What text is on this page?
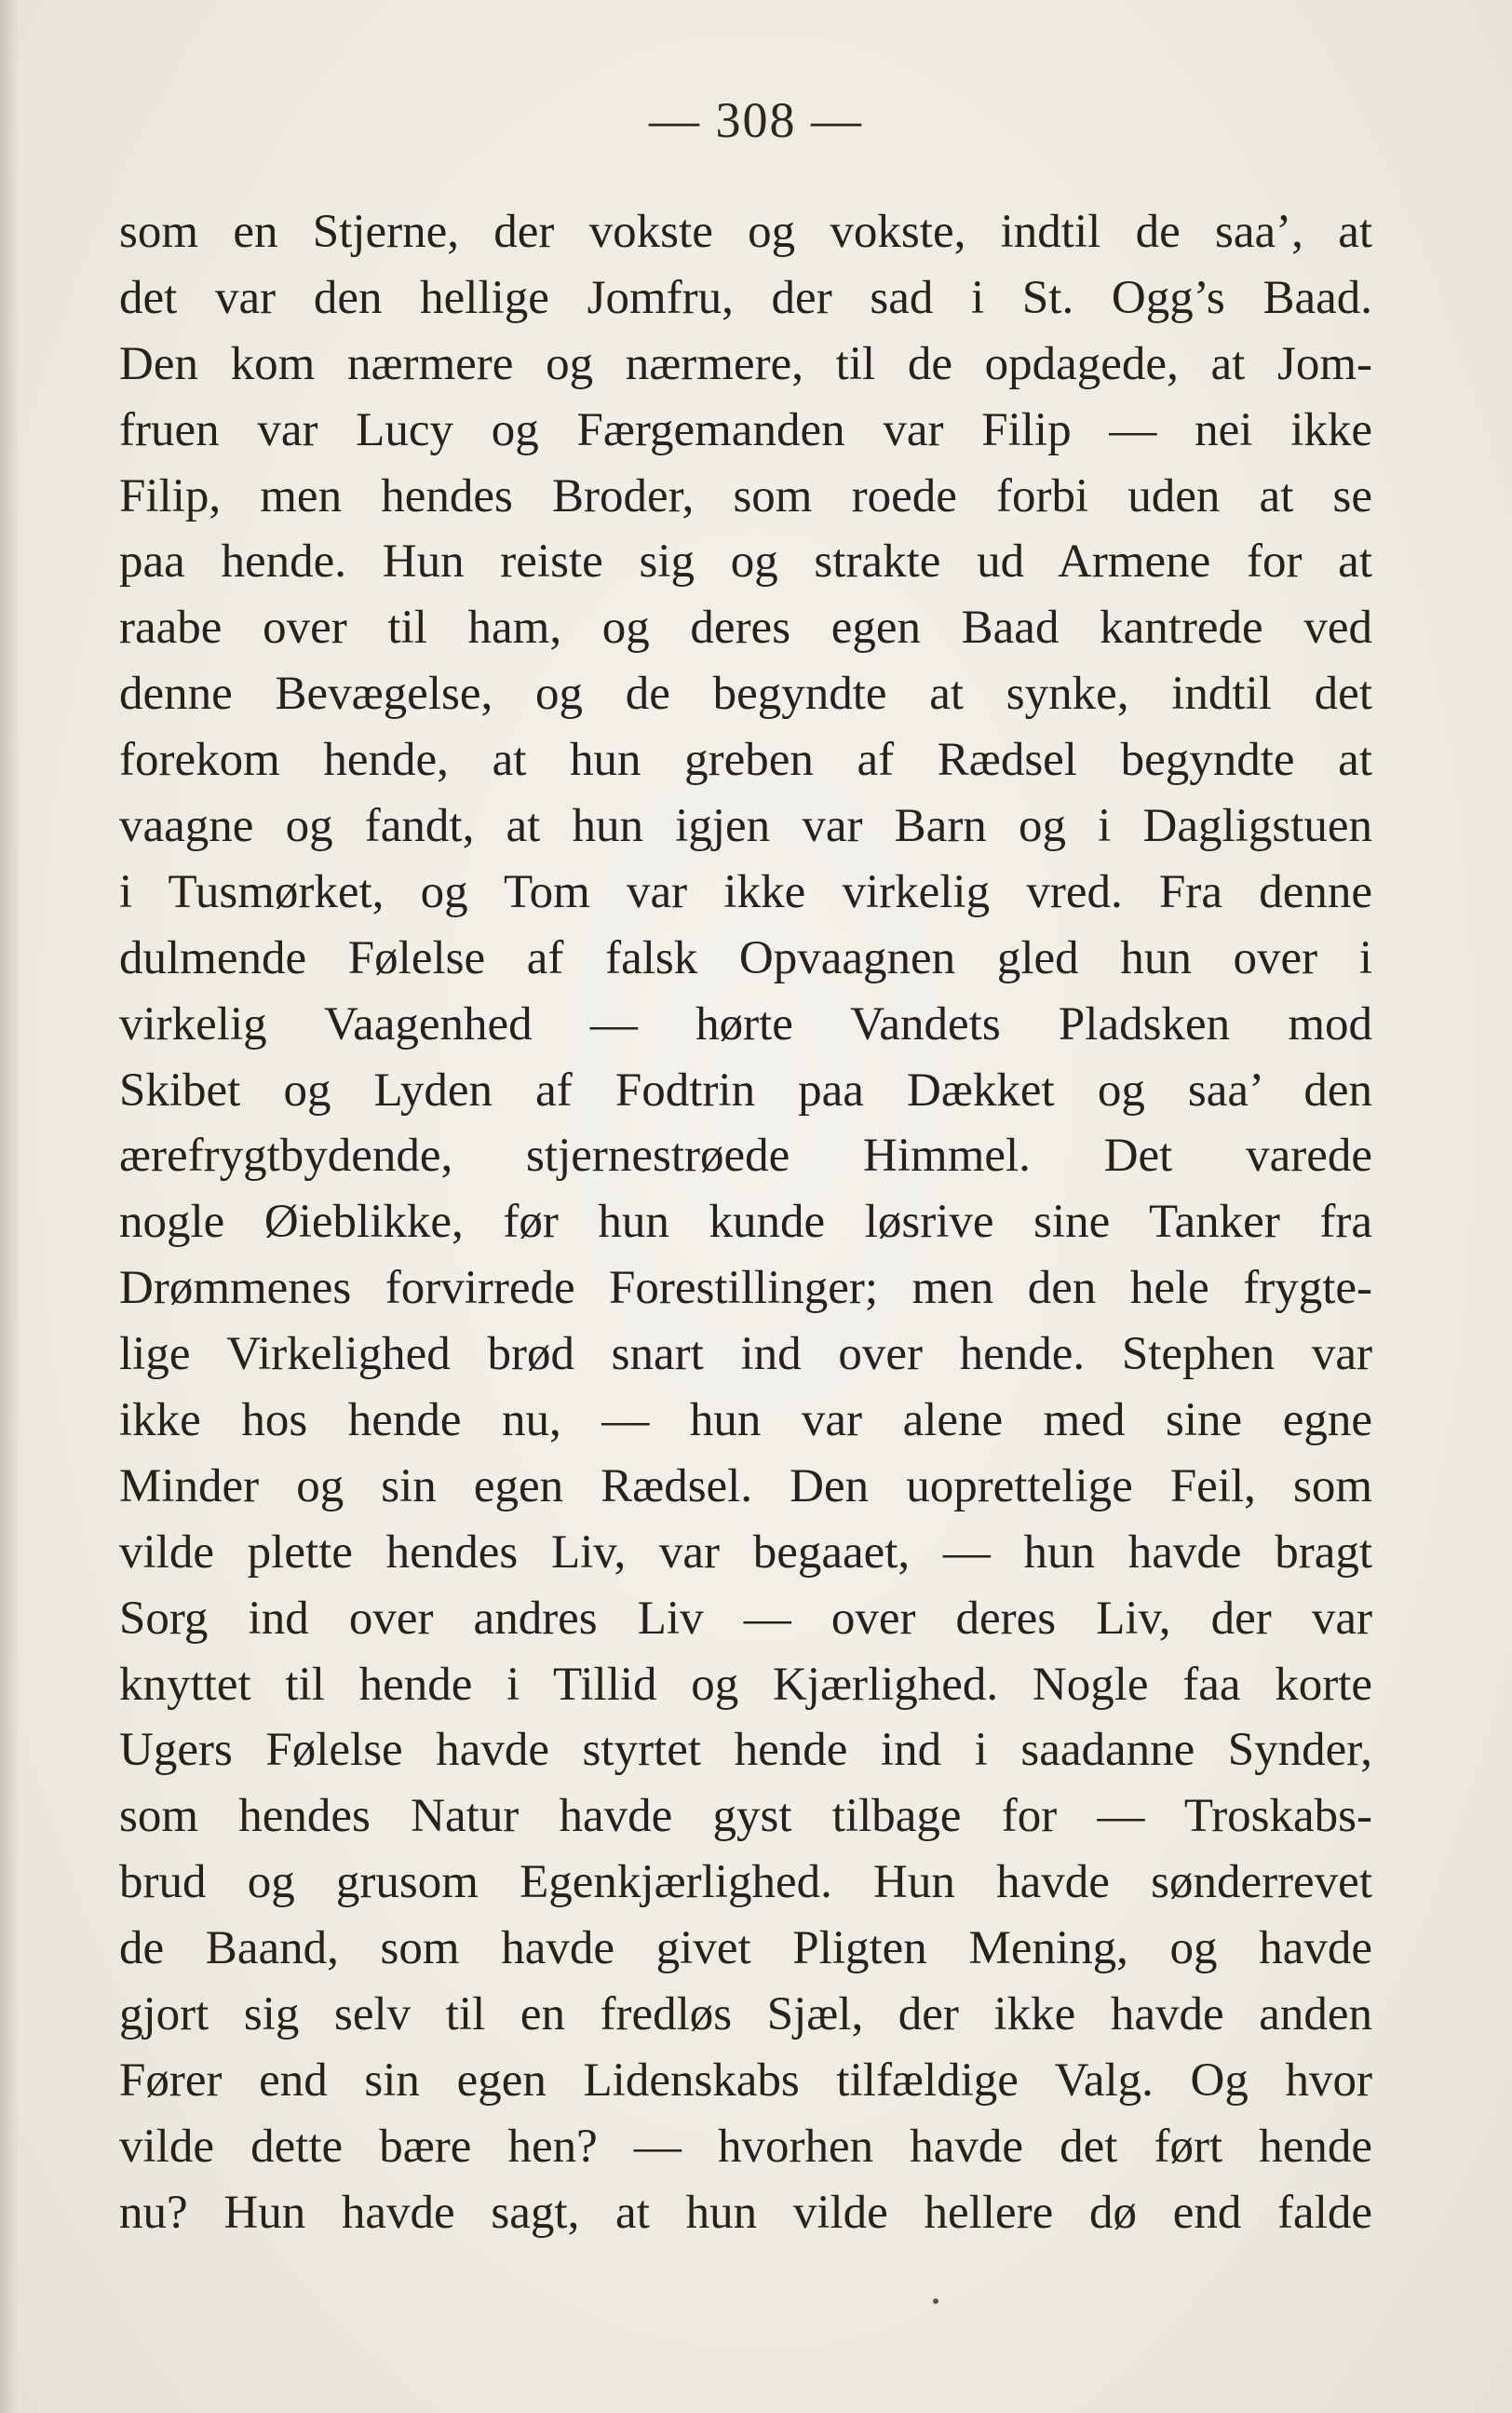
— 308 —
som en Stjerne, der vokste og vokste, indtil de saa’, at
det var den hellige Jomfru, der sad i St. Ogg’s Baad.
Den kom nærmere og nærmere, til de opdagede, at Jom-
fruen var Lucy og Færgemanden var Filip — nei ikke
Filip, men hendes Broder, som roede forbi uden at se
paa hende. Hun reiste sig og strakte ud Armene for at
raabe over til ham, og deres egen Baad kantrede ved
denne Bevægelse, og de begyndte at synke, indtil det
forekom hende, at hun greben af Rædsel begyndte at
vaagne og fandt, at hun igjen var Barn og i Dagligstuen
i Tusmørket, og Tom var ikke virkelig vred. Fra denne
dulmende Følelse af falsk Opvaagnen gled hun over i
virkelig Vaagenhed — hørte Vandets Pladsken mod
Skibet og Lyden af Fodtrin paa Dækket og saa’ den
ærefrygtbydende, stjernestrøede Himmel. Det varede
nogle Øieblikke, før hun kunde løsrive sine Tanker fra
Drømmenes forvirrede Forestillinger; men den hele frygte-
lige Virkelighed brød snart ind over hende. Stephen var
ikke hos hende nu, — hun var alene med sine egne
Minder og sin egen Rædsel. Den uopretteligе Feil, som
vilde plette hendes Liv, var begaaet, — hun havde bragt
Sorg ind over andres Liv — over deres Liv, der var
knyttet til hende i Tillid og Kjærlighed. Nogle faa korte
Ugers Følelse havde styrtet hende ind i saadanne Synder,
som hendes Natur havde gyst tilbage for — Troskabs-
brud og grusom Egenkjærlighed. Hun havde sønderrevet
de Baand, som havde givet Pligten Mening, og havde
gjort sig selv til en fredløs Sjæl, der ikke havde anden
Fører end sin egen Lidenskabs tilfældige Valg. Og hvor
vilde dette bære hen? — hvorhen havde det ført hende
nu? Hun havde sagt, at hun vilde hellere dø end falde
